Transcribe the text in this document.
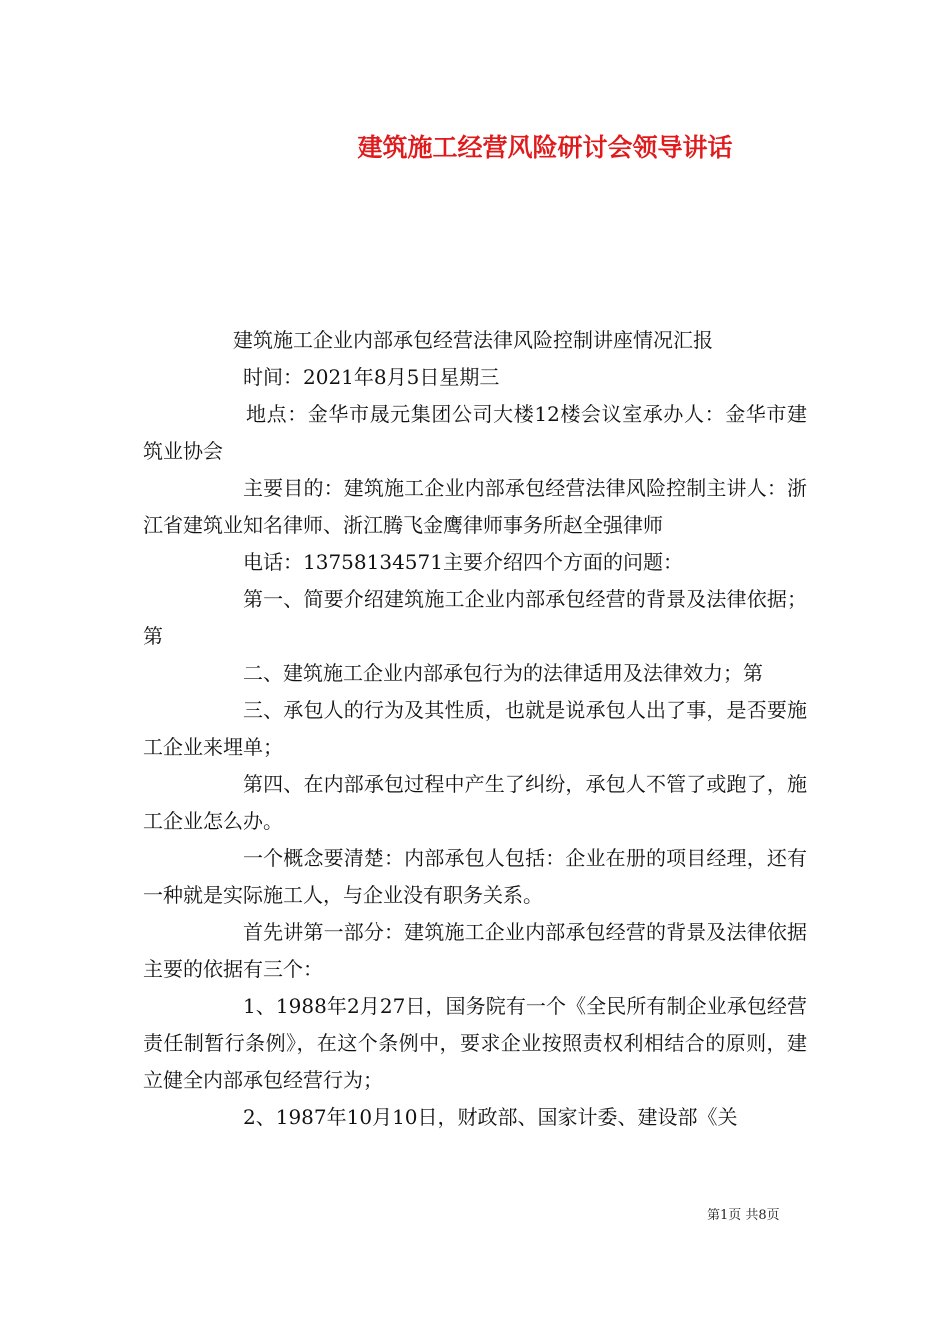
建筑施工经营风险研讨会领导讲话

建筑施工企业内部承包经营法律风险控制讲座情况汇报

时间：2021年8月5日星期三

地点：金华市晟元集团公司大楼12楼会议室承办人：金华市建筑业协会

主要目的：建筑施工企业内部承包经营法律风险控制主讲人：浙江省建筑业知名律师、浙江腾飞金鹰律师事务所赵全强律师

电话：13758134571主要介绍四个方面的问题：

第一、简要介绍建筑施工企业内部承包经营的背景及法律依据；第

二、建筑施工企业内部承包行为的法律适用及法律效力；第

三、承包人的行为及其性质，也就是说承包人出了事，是否要施工企业来埋单；

第四、在内部承包过程中产生了纠纷，承包人不管了或跑了，施工企业怎么办。

一个概念要清楚：内部承包人包括：企业在册的项目经理，还有一种就是实际施工人，与企业没有职务关系。

首先讲第一部分：建筑施工企业内部承包经营的背景及法律依据主要的依据有三个：

1、1988年2月27日，国务院有一个《全民所有制企业承包经营责任制暂行条例》，在这个条例中，要求企业按照责权利相结合的原则，建立健全内部承包经营行为；

2、1987年10月10日，财政部、国家计委、建设部《关

第1页 共8页
